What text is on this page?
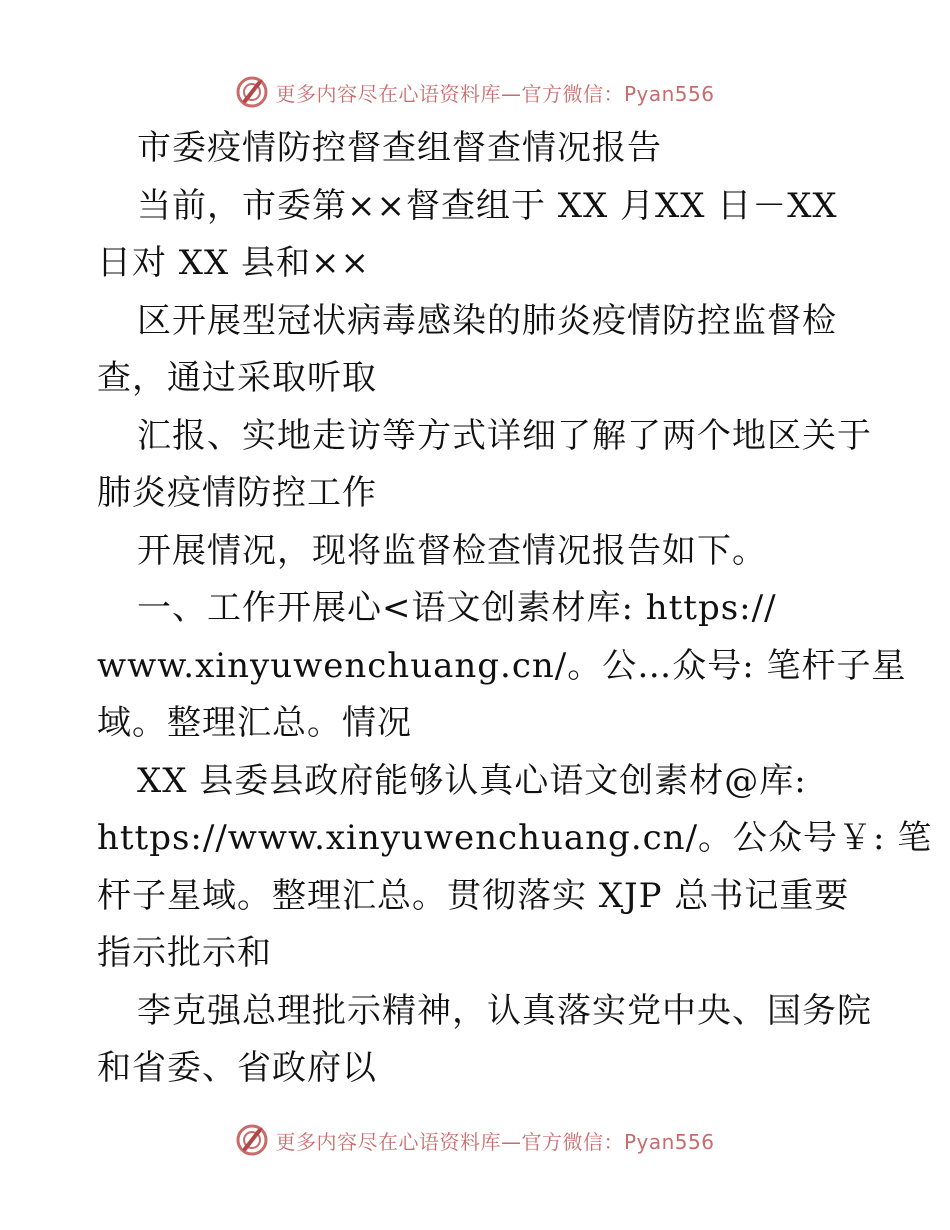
更多内容尽在心语资料库—官方微信：Pyan556
市委疫情防控督查组督查情况报告
当前，市委第××督查组于 XX 月XX 日－XX
日对 XX 县和××
区开展型冠状病毒感染的肺炎疫情防控监督检
查，通过采取听取
汇报、实地走访等方式详细了解了两个地区关于
肺炎疫情防控工作
开展情况，现将监督检查情况报告如下。
一、工作开展心<语文创素材库: https://
www.xinyuwenchuang.cn/。公…众号: 笔杆子星
域。整理汇总。情况
XX 县委县政府能够认真心语文创素材@库:
https://www.xinyuwenchuang.cn/。公众号￥: 笔
杆子星域。整理汇总。贯彻落实 XJP 总书记重要
指示批示和
李克强总理批示精神，认真落实党中央、国务院
和省委、省政府以
更多内容尽在心语资料库—官方微信：Pyan556
